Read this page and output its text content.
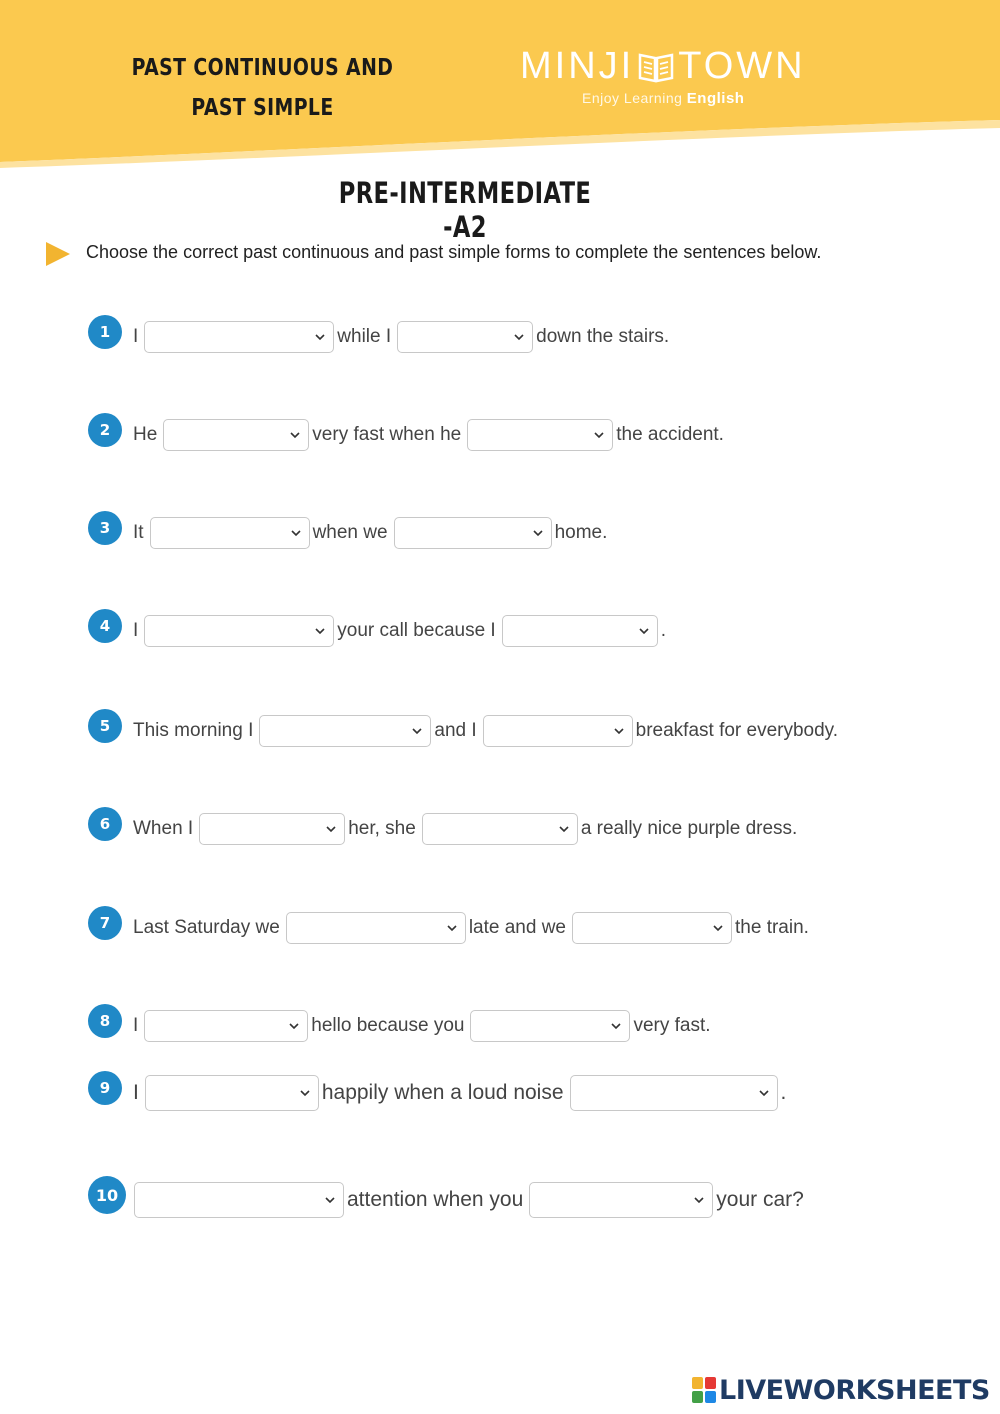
PAST CONTINUOUS AND PAST SIMPLE
MINJI TOWN
Enjoy Learning English
PRE-INTERMEDIATE -A2
Choose the correct past continuous and past simple forms to complete the sentences below.
1	I	while I	down the stairs.
2	He	very fast when he	the accident.
3	It	when we	home.
4	I	your call because I	.
5	This morning I	and I	breakfast for everybody.
6	When I	her, she	a really nice purple dress.
7	Last Saturday we	late and we	the train.
8	I	hello because you	very fast.
9	I	happily when a loud noise	.
10	attention when you	your car?
LIVEWORKSHEETS
